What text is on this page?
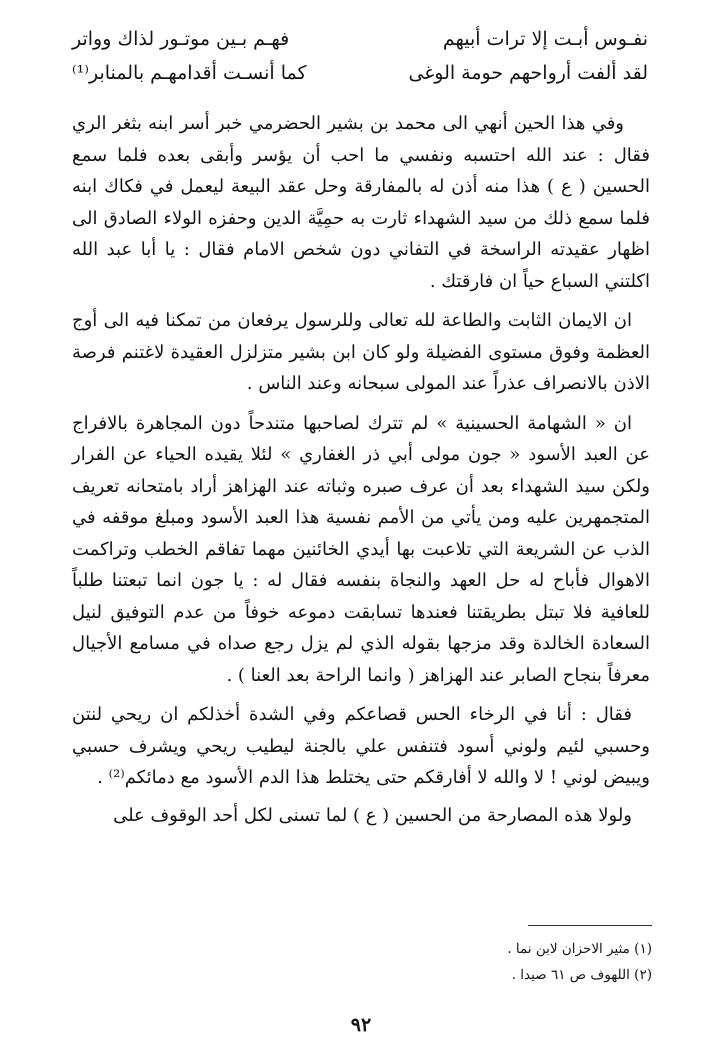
نفـوس أبـت إلا ترات أبيهم
فهـم بـين موتـور لذاك وواتر
لقد ألفت أرواحهم حومة الوغى
كما أنسـت أقدامهـم بالمنابر⁽¹⁾

وفي هذا الحين أنهي الى محمد بن بشير الحضرمي خبر أسر ابنه بثغر الري فقال : عند الله احتسبه ونفسي ما احب أن يؤسر وأبقى بعده فلما سمع الحسين ( ع ) هذا منه أذن له بالمفارقة وحل عقد البيعة ليعمل في فكاك ابنه فلما سمع ذلك من سيد الشهداء ثارت به حمِيَّة الدين وحفزه الولاء الصادق الى اظهار عقيدته الراسخة في التفاني دون شخص الامام فقال : يا أبا عبد الله اكلتني السباع حياً ان فارقتك .

ان الايمان الثابت والطاعة لله تعالى وللرسول يرفعان من تمكنا فيه الى أوج العظمة وفوق مستوى الفضيلة ولو كان ابن بشير متزلزل العقيدة لاغتنم فرصة الاذن بالانصراف عذراً عند المولى سبحانه وعند الناس .

ان « الشهامة الحسينية » لم تترك لصاحبها متندحاً دون المجاهرة بالافراج عن العبد الأسود « جون مولى أبي ذر الغفاري » لئلا يقيده الحياء عن الفرار ولكن سيد الشهداء بعد أن عرف صبره وثباته عند الهزاهز أراد بامتحانه تعريف المتجمهرين عليه ومن يأتي من الأمم نفسية هذا العبد الأسود ومبلغ موقفه في الذب عن الشريعة التي تلاعبت بها أيدي الخائنين مهما تفاقم الخطب وتراكمت الاهوال فأباح له حل العهد والنجاة بنفسه فقال له : يا جون انما تبعتنا طلباً للعافية فلا تبتل بطريقتنا فعندها تسابقت دموعه خوفاً من عدم التوفيق لنيل السعادة الخالدة وقد مزجها بقوله الذي لم يزل رجع صداه في مسامع الأجيال معرفاً بنجاح الصابر عند الهزاهز ( وانما الراحة بعد العنا ) .

فقال : أنا في الرخاء الحس قصاعكم وفي الشدة أخذلكم ان ريحي لنتن وحسبي لئيم ولوني أسود فتنفس علي بالجنة ليطيب ريحي ويشرف حسبي ويبيض لوني ! لا والله لا أفارقكم حتى يختلط هذا الدم الأسود مع دمائكم⁽²⁾ .

ولولا هذه المصارحة من الحسين ( ع ) لما تسنى لكل أحد الوقوف على

(١) مثير الاحزان لابن نما .
(٢) اللهوف ص ٦١ صيدا .
٩٢
